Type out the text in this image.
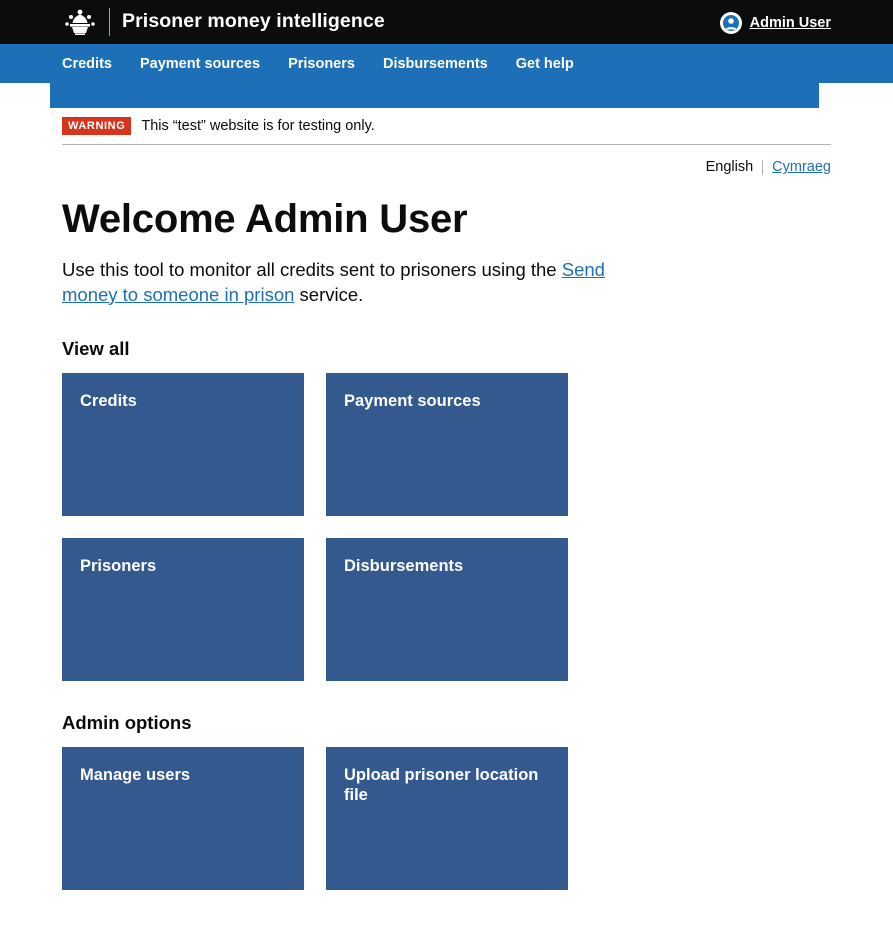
Prisoner money intelligence	Admin User
Credits	Payment sources	Prisoners	Disbursements	Get help
WARNING	This “test” website is for testing only.
English	Cymraeg
Welcome Admin User

Use this tool to monitor all credits sent to prisoners using the Send money to someone in prison service.

View all
Credits	Payment sources
Prisoners	Disbursements
Admin options
Manage users	Upload prisoner location file
